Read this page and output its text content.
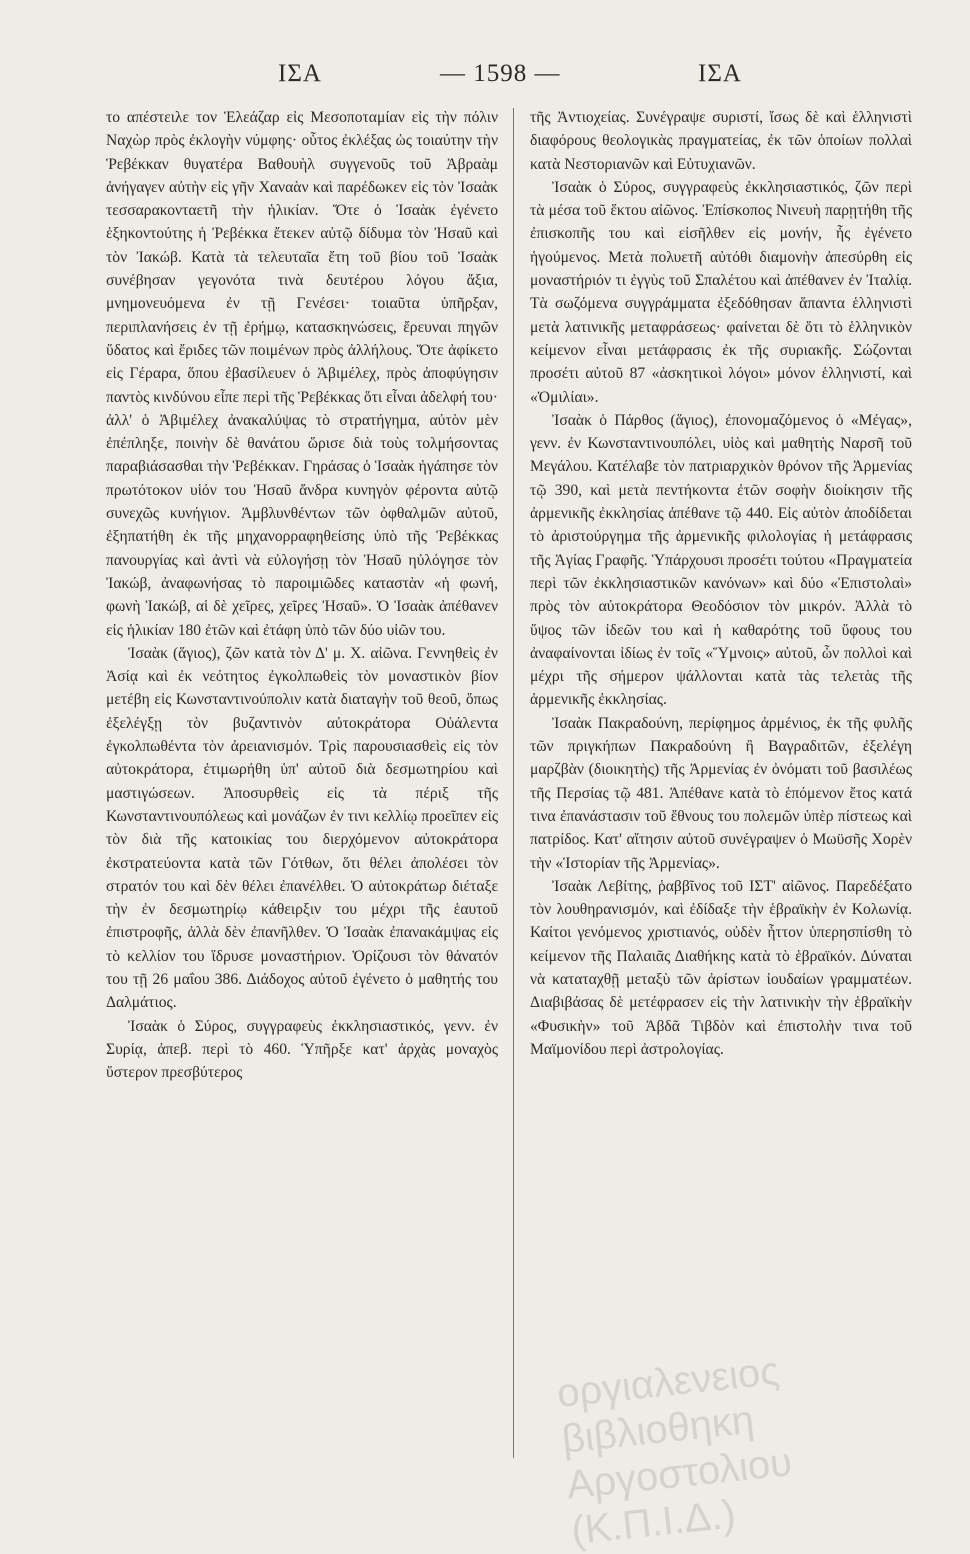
ΙΣΑ	— 1598 —	ΙΣΑ

το απέστειλε τον Ἐλεάζαρ εἰς Μεσοποταμίαν εἰς τὴν πόλιν Ναχὼρ πρὸς ἐκλογὴν νύμφης· οὗτος ἐκλέξας ὡς τοιαύτην τὴν Ῥεβέκκαν θυγατέρα Βαθουὴλ συγγενοῦς τοῦ Ἀβραὰμ ἀνήγαγεν αὐτὴν εἰς γῆν Χαναὰν καὶ παρέδωκεν εἰς τὸν Ἰσαὰκ τεσσαρακονταετῆ τὴν ἡλικίαν. Ὅτε ὁ Ἰσαὰκ ἐγένετο ἑξηκοντούτης ἡ Ῥεβέκκα ἔτεκεν αὐτῷ δίδυμα τὸν Ἠσαῦ καὶ τὸν Ἰακώβ. Κατὰ τὰ τελευταῖα ἔτη τοῦ βίου τοῦ Ἰσαὰκ συνέβησαν γεγονότα τινὰ δευτέρου λόγου ἄξια, μνημονευόμενα ἐν τῇ Γενέσει· τοιαῦτα ὑπῆρξαν, περιπλανήσεις ἐν τῇ ἐρήμῳ, κατασκηνώσεις, ἔρευναι πηγῶν ὕδατος καὶ ἔριδες τῶν ποιμένων πρὸς ἀλλήλους. Ὅτε ἀφίκετο εἰς Γέραρα, ὅπου ἐβασίλευεν ὁ Ἀβιμέλεχ, πρὸς ἀποφύγησιν παντὸς κινδύνου εἶπε περὶ τῆς Ῥεβέκκας ὅτι εἶναι ἀδελφή του· ἀλλ' ὁ Ἀβιμέλεχ ἀνακαλύψας τὸ στρατήγημα, αὐτὸν μὲν ἐπέπληξε, ποινὴν δὲ θανάτου ὥρισε διὰ τοὺς τολμήσοντας παραβιάσασθαι τὴν Ῥεβέκκαν. Γηράσας ὁ Ἰσαὰκ ἠγάπησε τὸν πρωτότοκον υἱόν του Ἠσαῦ ἄνδρα κυνηγὸν φέροντα αὐτῷ συνεχῶς κυνήγιον. Ἀμβλυνθέντων τῶν ὀφθαλμῶν αὐτοῦ, ἐξηπατήθη ἐκ τῆς μηχανορραφηθείσης ὑπὸ τῆς Ῥεβέκκας πανουργίας καὶ ἀντὶ νὰ εὐλογήσῃ τὸν Ἠσαῦ ηὐλόγησε τὸν Ἰακώβ, ἀναφωνήσας τὸ παροιμιῶδες καταστὰν «ἡ φωνή, φωνὴ Ἰακώβ, αἱ δὲ χεῖρες, χεῖρες Ἠσαῦ». Ὁ Ἰσαὰκ ἀπέθανεν εἰς ἡλικίαν 180 ἐτῶν καὶ ἐτάφη ὑπὸ τῶν δύο υἱῶν του.

Ἰσαὰκ (ἅγιος), ζῶν κατὰ τὸν Δ' μ. Χ. αἰῶνα. Γεννηθεὶς ἐν Ἀσίᾳ καὶ ἐκ νεότητος ἐγκολπωθεὶς τὸν μοναστικὸν βίον μετέβη εἰς Κωνσταντινούπολιν κατὰ διαταγὴν τοῦ θεοῦ, ὅπως ἐξελέγξῃ τὸν βυζαντινὸν αὐτοκράτορα Οὐάλεντα ἐγκολπωθέντα τὸν ἀρειανισμόν. Τρὶς παρουσιασθεὶς εἰς τὸν αὐτοκράτορα, ἐτιμωρήθη ὑπ' αὐτοῦ διὰ δεσμωτηρίου καὶ μαστιγώσεων. Ἀποσυρθεὶς εἰς τὰ πέριξ τῆς Κωνσταντινουπόλεως καὶ μονάζων ἐν τινι κελλίῳ προεῖπεν εἰς τὸν διὰ τῆς κατοικίας του διερχόμενον αὐτοκράτορα ἐκστρατεύοντα κατὰ τῶν Γότθων, ὅτι θέλει ἀπολέσει τὸν στρατόν του καὶ δὲν θέλει ἐπανέλθει. Ὁ αὐτοκράτωρ διέταξε τὴν ἐν δεσμωτηρίῳ κάθειρξιν του μέχρι τῆς ἑαυτοῦ ἐπιστροφῆς, ἀλλὰ δὲν ἐπανῆλθεν. Ὁ Ἰσαὰκ ἐπανακάμψας εἰς τὸ κελλίον του ἵδρυσε μοναστήριον. Ὁρίζουσι τὸν θάνατόν του τῇ 26 μαΐου 386. Διάδοχος αὐτοῦ ἐγένετο ὁ μαθητής του Δαλμάτιος.

Ἰσαὰκ ὁ Σύρος, συγγραφεὺς ἐκκλησιαστικός, γενν. ἐν Συρίᾳ, ἀπεβ. περὶ τὸ 460. Ὑπῆρξε κατ' ἀρχὰς μοναχὸς ὕστερον πρεσβύτερος

τῆς Ἀντιοχείας. Συνέγραψε συριστί, ἴσως δὲ καὶ ἑλληνιστὶ διαφόρους θεολογικὰς πραγματείας, ἐκ τῶν ὁποίων πολλαὶ κατὰ Νεστοριανῶν καὶ Εὐτυχιανῶν.

Ἰσαὰκ ὁ Σύρος, συγγραφεὺς ἐκκλησιαστικός, ζῶν περὶ τὰ μέσα τοῦ ἕκτου αἰῶνος. Ἐπίσκοπος Νινευὴ παρῃτήθη τῆς ἐπισκοπῆς του καὶ εἰσῆλθεν εἰς μονήν, ἧς ἐγένετο ἡγούμενος. Μετὰ πολυετῆ αὐτόθι διαμονὴν ἀπεσύρθη εἰς μοναστήριόν τι ἐγγὺς τοῦ Σπαλέτου καὶ ἀπέθανεν ἐν Ἰταλίᾳ. Τὰ σωζόμενα συγγράμματα ἐξεδόθησαν ἅπαντα ἑλληνιστὶ μετὰ λατινικῆς μεταφράσεως· φαίνεται δὲ ὅτι τὸ ἑλληνικὸν κείμενον εἶναι μετάφρασις ἐκ τῆς συριακῆς. Σώζονται προσέτι αὐτοῦ 87 «ἀσκητικοὶ λόγοι» μόνον ἑλληνιστί, καὶ «Ὁμιλίαι».

Ἰσαὰκ ὁ Πάρθος (ἅγιος), ἐπονομαζόμενος ὁ «Μέγας», γενν. ἐν Κωνσταντινουπόλει, υἱὸς καὶ μαθητὴς Ναρσῆ τοῦ Μεγάλου. Κατέλαβε τὸν πατριαρχικὸν θρόνον τῆς Ἀρμενίας τῷ 390, καὶ μετὰ πεντήκοντα ἐτῶν σοφὴν διοίκησιν τῆς ἀρμενικῆς ἐκκλησίας ἀπέθανε τῷ 440. Εἰς αὐτὸν ἀποδίδεται τὸ ἀριστούργημα τῆς ἀρμενικῆς φιλολογίας ἡ μετάφρασις τῆς Ἁγίας Γραφῆς. Ὑπάρχουσι προσέτι τούτου «Πραγματεία περὶ τῶν ἐκκλησιαστικῶν κανόνων» καὶ δύο «Ἐπιστολαὶ» πρὸς τὸν αὐτοκράτορα Θεοδόσιον τὸν μικρόν. Ἀλλὰ τὸ ὕψος τῶν ἰδεῶν του καὶ ἡ καθαρότης τοῦ ὕφους του ἀναφαίνονται ἰδίως ἐν τοῖς «Ὕμνοις» αὐτοῦ, ὧν πολλοὶ καὶ μέχρι τῆς σήμερον ψάλλονται κατὰ τὰς τελετὰς τῆς ἀρμενικῆς ἐκκλησίας.

Ἰσαὰκ Πακραδούνη, περίφημος ἀρμένιος, ἐκ τῆς φυλῆς τῶν πριγκήπων Πακραδούνη ἢ Βαγραδιτῶν, ἐξελέγη μαρζβὰν (διοικητὴς) τῆς Ἀρμενίας ἐν ὀνόματι τοῦ βασιλέως τῆς Περσίας τῷ 481. Ἀπέθανε κατὰ τὸ ἑπόμενον ἔτος κατά τινα ἐπανάστασιν τοῦ ἔθνους του πολεμῶν ὑπὲρ πίστεως καὶ πατρίδος. Κατ' αἴτησιν αὐτοῦ συνέγραψεν ὁ Μωϋσῆς Χορὲν τὴν «Ἱστορίαν τῆς Ἀρμενίας».

Ἰσαὰκ Λεβίτης, ῥαββῖνος τοῦ ΙΣΤ' αἰῶνος. Παρεδέξατο τὸν λουθηρανισμόν, καὶ ἐδίδαξε τὴν ἑβραϊκὴν ἐν Κολωνίᾳ. Καίτοι γενόμενος χριστιανός, οὐδὲν ἧττον ὑπερησπίσθη τὸ κείμενον τῆς Παλαιᾶς Διαθήκης κατὰ τὸ ἑβραϊκόν. Δύναται νὰ καταταχθῇ μεταξὺ τῶν ἀρίστων ἰουδαίων γραμματέων. Διαβιβάσας δὲ μετέφρασεν εἰς τὴν λατινικὴν τὴν ἑβραϊκὴν «Φυσικὴν» τοῦ Ἀβδᾶ Τιβδὸν καὶ ἐπιστολὴν τινα τοῦ Μαϊμονίδου περὶ ἀστρολογίας.

οργιαλενειος βιβλιοθηκη Αργοστολιου (Κ.Π.Ι.Δ.)
